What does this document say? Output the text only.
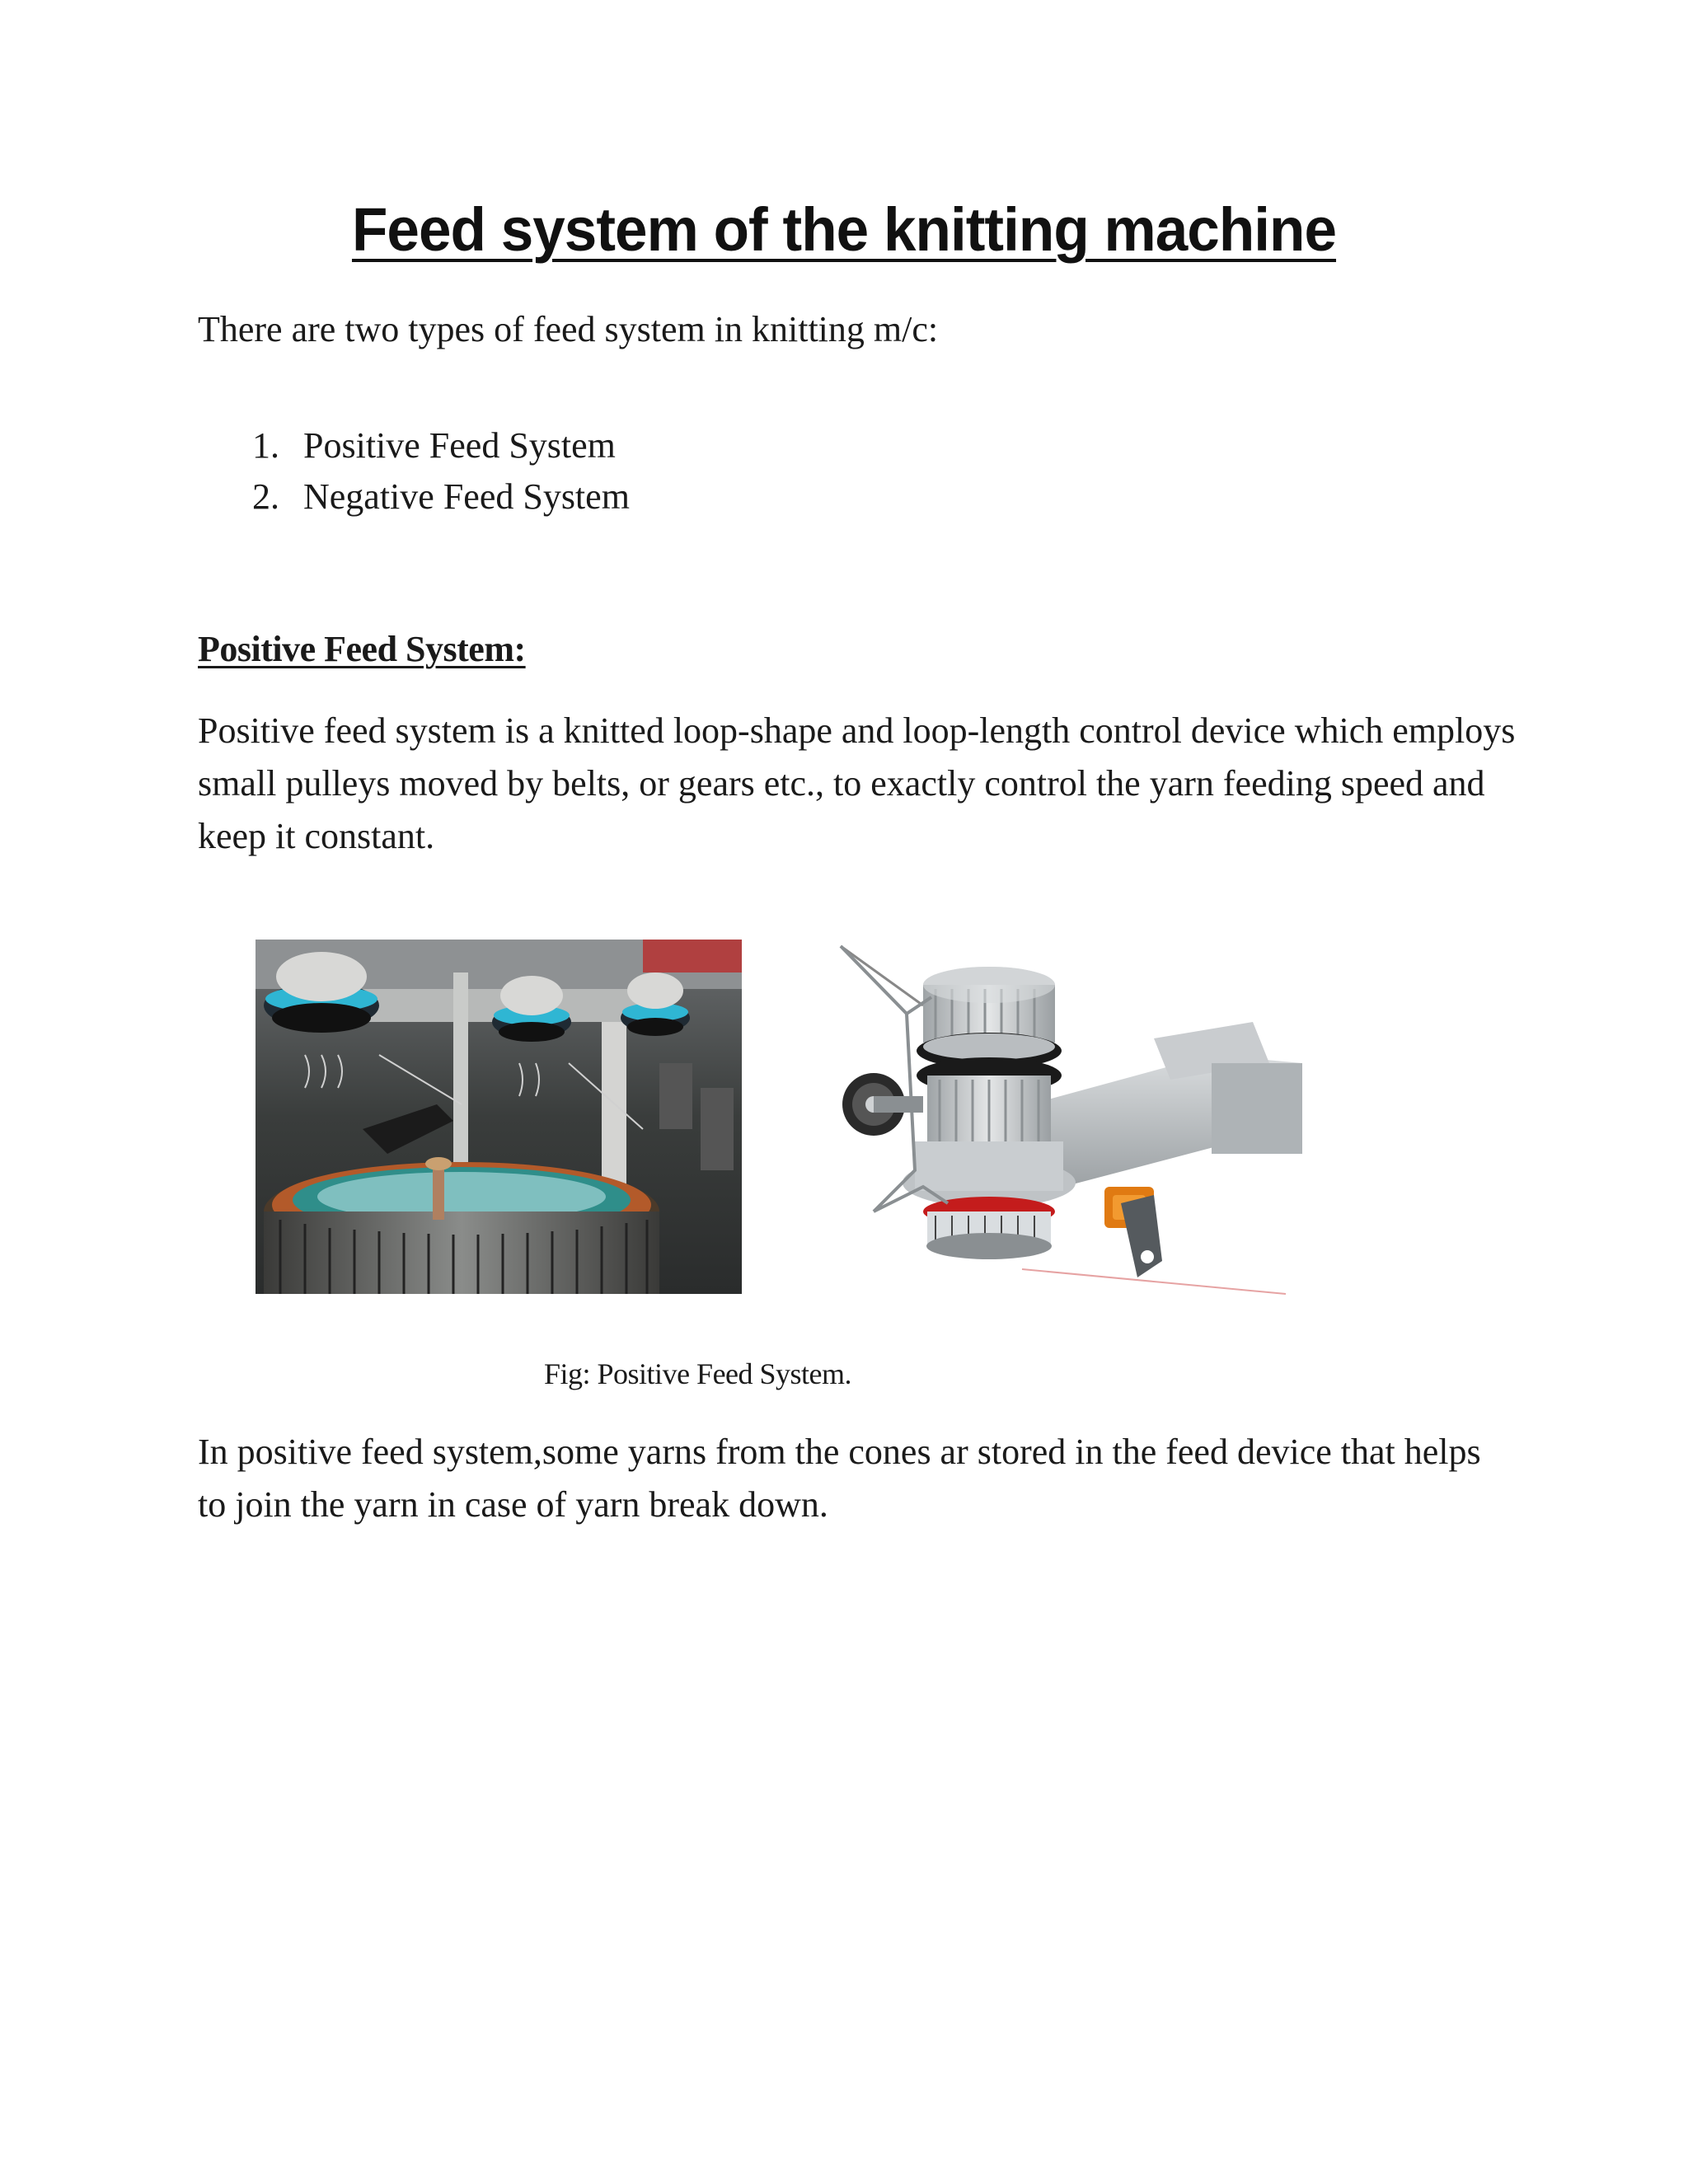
Feed system of the knitting machine
There are two types of feed system in knitting m/c:
1. Positive Feed System
2. Negative Feed System
Positive Feed System:
Positive feed system is a knitted loop-shape and loop-length control device which employs small pulleys moved by belts, or gears etc., to exactly control the yarn feeding speed and keep it constant.
Fig: Positive Feed System.
In positive feed system,some yarns from the cones ar stored in the feed device that helps to join the yarn in case of yarn break down.
